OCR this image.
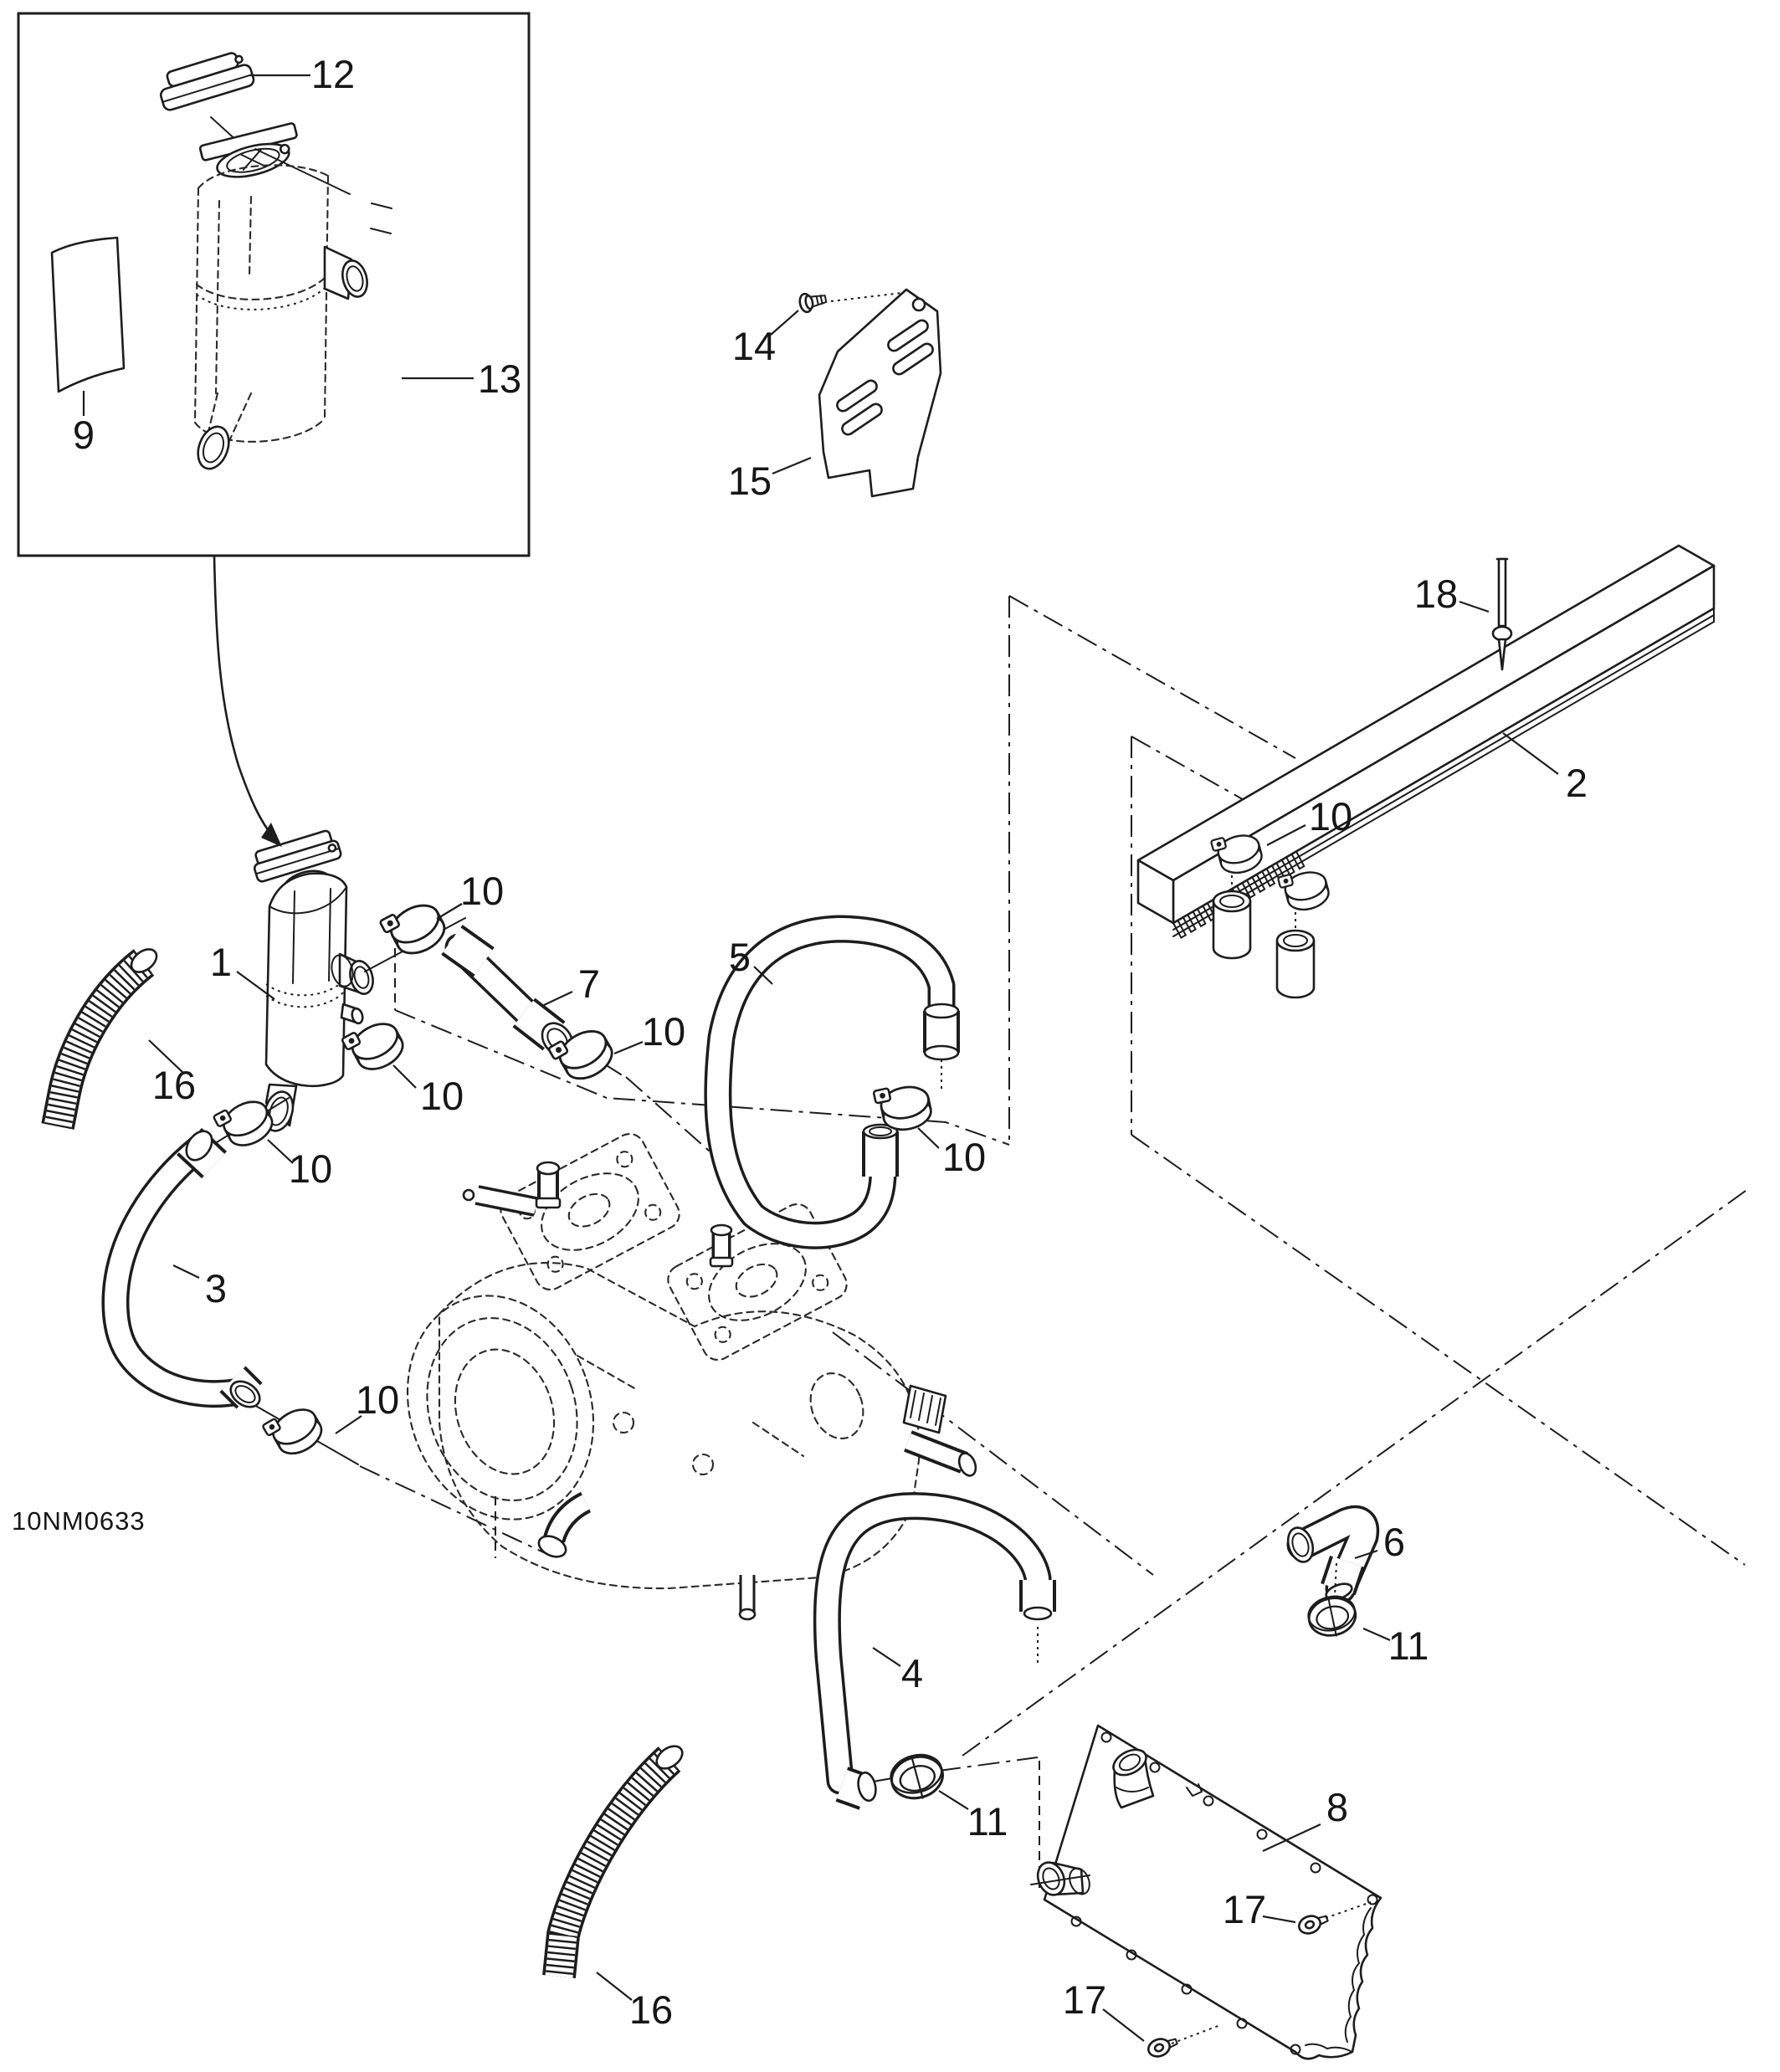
12
9
13
14
15
18
2
10
1
10
7
10
5
10
10	10
16
3
10
4
11
6
11
8
17
17
16
10NM0633
